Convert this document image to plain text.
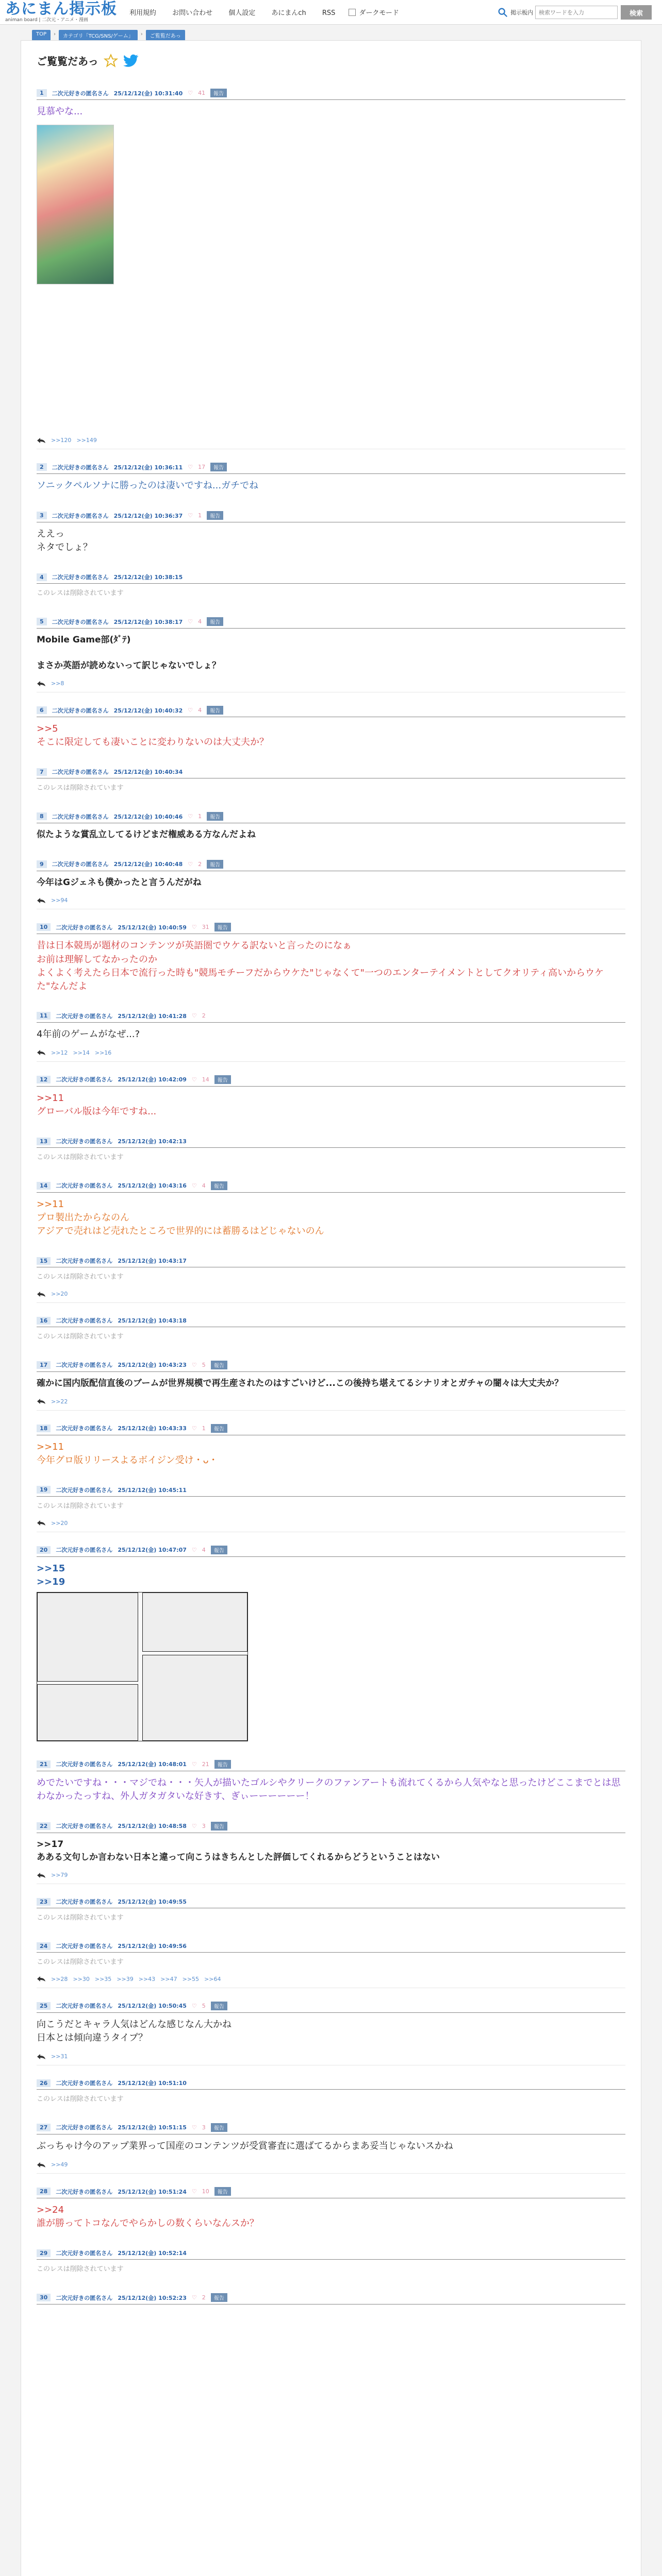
あにまん掲示板
animan board | 二次元・アニメ・漫画
利用規約 お問い合わせ 個人設定 あにまんch RSS	ダークモード	掲示板内
検索ワードを入力	検索
TOP	›	カテゴリ「TCG/SNS/ゲーム」	›	ご覧覧だあっ
ご覧覧だあっ
1	二次元好きの匿名さん 25/12/12(金) 10:31:40 ♡ 41	報告
見慕やな...

>>120 >>149
2	二次元好きの匿名さん 25/12/12(金) 10:36:11 ♡ 17	報告
ソニックペルソナに勝ったのは凄いですね...ガチでね
3	二次元好きの匿名さん 25/12/12(金) 10:36:37 ♡ 1	報告
ええっ
ネタでしょ？
4	二次元好きの匿名さん 25/12/12(金) 10:38:15
このレスは削除されています
5	二次元好きの匿名さん 25/12/12(金) 10:38:17 ♡ 4	報告
Mobile Game部(ﾀﾞﾃ)

まさか英語が読めないって訳じゃないでしょ？
>>8
6	二次元好きの匿名さん 25/12/12(金) 10:40:32 ♡ 4	報告
>>5
そこに限定しても凄いことに変わりないのは大丈夫か？
7	二次元好きの匿名さん 25/12/12(金) 10:40:34
このレスは削除されています
8	二次元好きの匿名さん 25/12/12(金) 10:40:46 ♡ 1	報告
似たような賞乱立してるけどまだ権威ある方なんだよね
9	二次元好きの匿名さん 25/12/12(金) 10:40:48 ♡ 2	報告
今年はGジェネも僕かったと言うんだがね
>>94
10	二次元好きの匿名さん 25/12/12(金) 10:40:59 ♡ 31	報告
昔は日本競馬が題材のコンテンツが英語圏でウケる訳ないと言ったのになぁ
お前は理解してなかったのか
よくよく考えたら日本で流行った時も"競馬モチーフだからウケた"じゃなくて"一つのエンターテイメントとしてクオリティ高いからウケた"なんだよ
11	二次元好きの匿名さん 25/12/12(金) 10:41:28 ♡ 2
4年前のゲームがなぜ...?
>>12 >>14 >>16
12	二次元好きの匿名さん 25/12/12(金) 10:42:09 ♡ 14	報告
>>11
グローバル版は今年ですね...
13	二次元好きの匿名さん 25/12/12(金) 10:42:13
このレスは削除されています
14	二次元好きの匿名さん 25/12/12(金) 10:43:16 ♡ 4	報告
>>11
プロ製出たからなのん
アジアで売れはど売れたところで世界的には蓄勝るはどじゃないのん
15	二次元好きの匿名さん 25/12/12(金) 10:43:17
このレスは削除されています
>>20
16	二次元好きの匿名さん 25/12/12(金) 10:43:18
このレスは削除されています
17	二次元好きの匿名さん 25/12/12(金) 10:43:23 ♡ 5	報告
確かに国内版配信直後のブームが世界規模で再生産されたのはすごいけど...この後持ち堪えてるシナリオとガチャの闇々は大丈夫か？
>>22
18	二次元好きの匿名さん 25/12/12(金) 10:43:33 ♡ 1	報告
>>11
今年グロ版リリースよるボイジン受け・ᴗ・
19	二次元好きの匿名さん 25/12/12(金) 10:45:11
このレスは削除されています
>>20
20	二次元好きの匿名さん 25/12/12(金) 10:47:07 ♡ 4	報告
>>15
>>19
21	二次元好きの匿名さん 25/12/12(金) 10:48:01 ♡ 21	報告
めでたいですね・・・マジでね・・・矢人が描いたゴルシやクリークのファンアートも流れてくるから人気やなと思ったけどここまでとは思わなかったっすね、外人ガタガタいな好きす、ぎぃーーーーーー！
22	二次元好きの匿名さん 25/12/12(金) 10:48:58 ♡ 3	報告
>>17
あある文句しか言わない日本と違って向こうはきちんとした評価してくれるからどうということはない
>>79
23	二次元好きの匿名さん 25/12/12(金) 10:49:55
このレスは削除されています
24	二次元好きの匿名さん 25/12/12(金) 10:49:56
このレスは削除されています
>>28 >>30 >>35 >>39 >>43 >>47 >>55 >>64
25	二次元好きの匿名さん 25/12/12(金) 10:50:45 ♡ 5	報告
向こうだとキャラ人気はどんな感じなん大かね
日本とは傾向違うタイプ？
>>31
26	二次元好きの匿名さん 25/12/12(金) 10:51:10
このレスは削除されています
27	二次元好きの匿名さん 25/12/12(金) 10:51:15 ♡ 3	報告
ぶっちゃけ今のアップ業界って国産のコンテンツが受賞審査に選ばてるからまあ妥当じゃないスかね
>>49
28	二次元好きの匿名さん 25/12/12(金) 10:51:24 ♡ 10	報告
>>24
誰が勝ってトコなんでやらかしの数くらいなんスか？
29	二次元好きの匿名さん 25/12/12(金) 10:52:14
このレスは削除されています
30	二次元好きの匿名さん 25/12/12(金) 10:52:23 ♡ 2	報告
